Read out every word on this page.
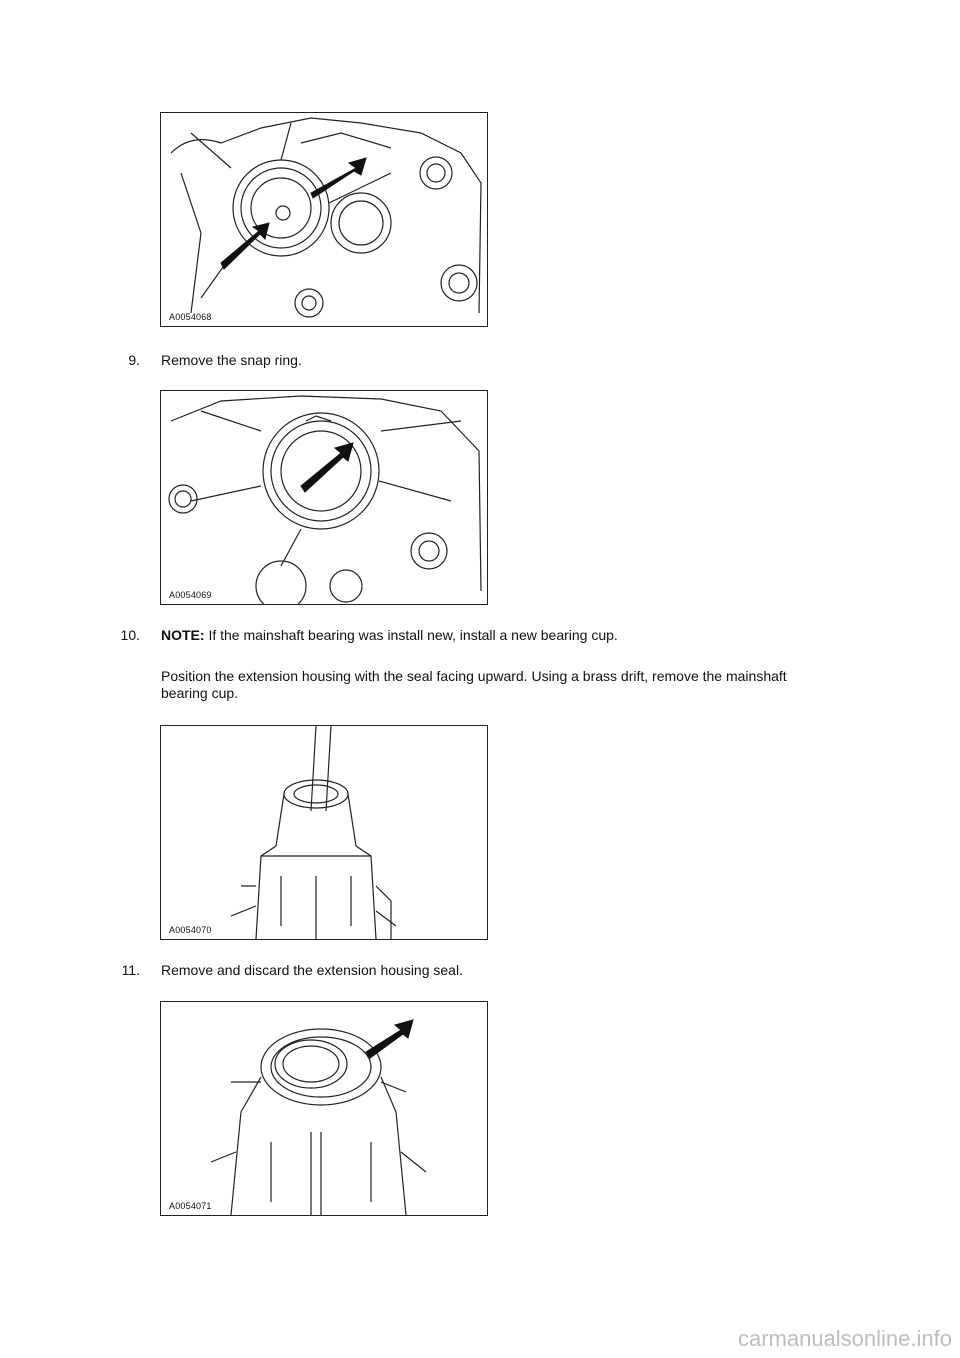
A0054068
9. Remove the snap ring.
A0054069
10. NOTE: If the mainshaft bearing was install new, install a new bearing cup.
Position the extension housing with the seal facing upward. Using a brass drift, remove the mainshaft bearing cup.
A0054070
11. Remove and discard the extension housing seal.
A0054071
carmanualsonline.info
